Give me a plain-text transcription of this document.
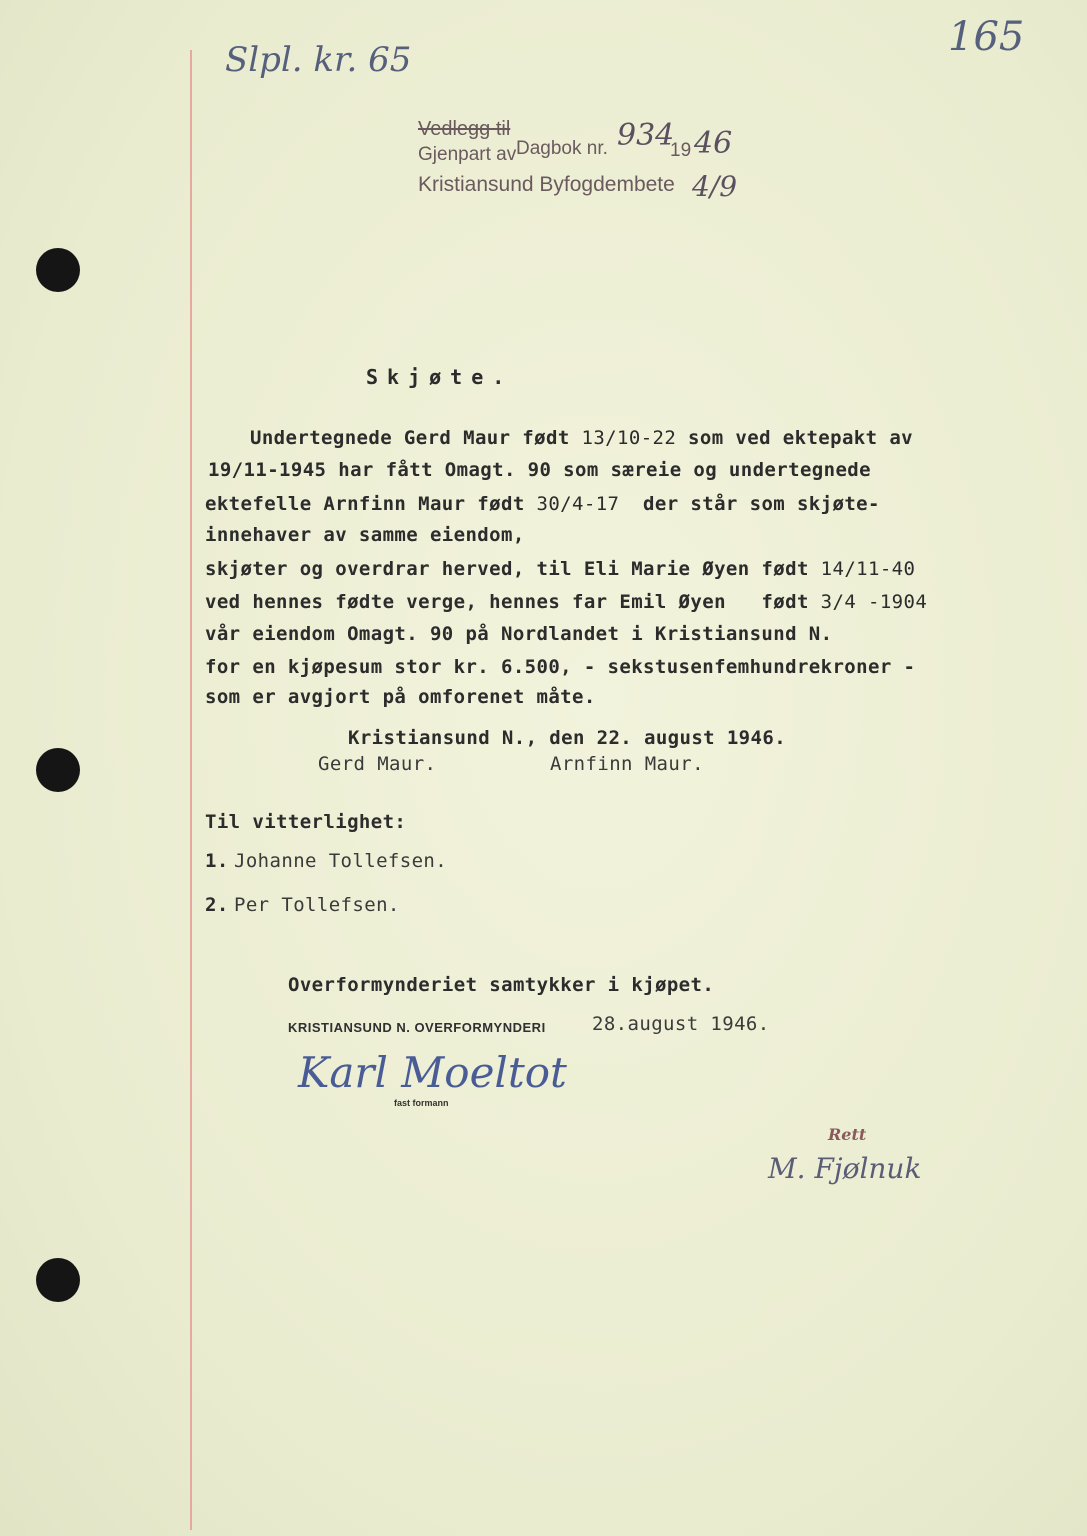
Slpl. kr. 65	165
Vedlegg til
Dagbok nr. 934
19 46
Gjenpart av
Kristiansund Byfogdembete 4/9
Skjøte.
Undertegnede Gerd Maur født 13/10-22 som ved ektepakt av
19/11-1945 har fått Omagt. 90 som særeie og undertegnede
ektefelle Arnfinn Maur født 30/4-17  der står som skjøte-
innehaver av samme eiendom,
skjøter og overdrar herved, til Eli Marie Øyen født 14/11-40
ved hennes fødte verge, hennes far Emil Øyen   født 3/4 -1904
vår eiendom Omagt. 90 på Nordlandet i Kristiansund N.
for en kjøpesum stor kr. 6.500, - sekstusenfemhundrekroner -
som er avgjort på omforenet måte.
Kristiansund N., den 22. august 1946.
Gerd Maur.	Arnfinn Maur.
Til vitterlighet:
1. Johanne Tollefsen.
2. Per Tollefsen.
Overformynderiet samtykker i kjøpet.
KRISTIANSUND N. OVERFORMYNDERI 28.august 1946.
Karl Moeltot
fast formann
Rett
M. Fjølnuk
